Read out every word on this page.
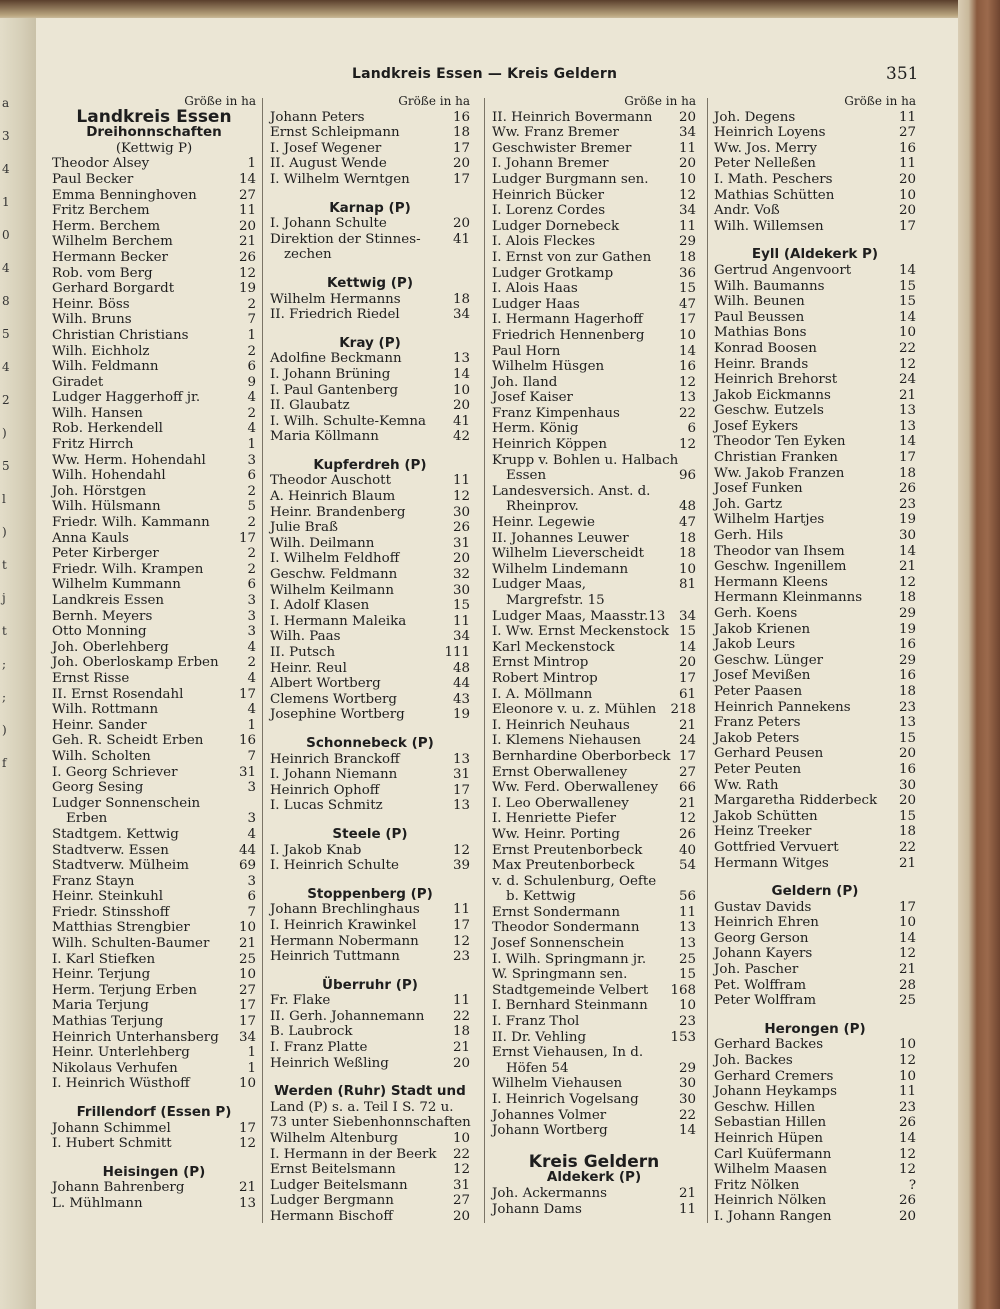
a
3
4
1
0
4
8
5
4
2
)
5
l
)
t
j
t
;
;
)
f
Landkreis Essen — Kreis Geldern	351
Größe in ha
Landkreis Essen
Dreihonnschaften
(Kettwig P)
Theodor Alsey	1
Paul Becker	14
Emma Benninghoven	27
Fritz Berchem	11
Herm. Berchem	20
Wilhelm Berchem	21
Hermann Becker	26
Rob. vom Berg	12
Gerhard Borgardt	19
Heinr. Böss	2
Wilh. Bruns	7
Christian Christians	1
Wilh. Eichholz	2
Wilh. Feldmann	6
Giradet	9
Ludger Haggerhoff jr.	4
Wilh. Hansen	2
Rob. Herkendell	4
Fritz Hirrch	1
Ww. Herm. Hohendahl	3
Wilh. Hohendahl	6
Joh. Hörstgen	2
Wilh. Hülsmann	5
Friedr. Wilh. Kammann	2
Anna Kauls	17
Peter Kirberger	2
Friedr. Wilh. Krampen	2
Wilhelm Kummann	6
Landkreis Essen	3
Bernh. Meyers	3
Otto Monning	3
Joh. Oberlehberg	4
Joh. Oberloskamp Erben	2
Ernst Risse	4
II. Ernst Rosendahl	17
Wilh. Rottmann	4
Heinr. Sander	1
Geh. R. Scheidt Erben	16
Wilh. Scholten	7
I. Georg Schriever	31
Georg Sesing	3
Ludger Sonnenschein
Erben	3
Stadtgem. Kettwig	4
Stadtverw. Essen	44
Stadtverw. Mülheim	69
Franz Stayn	3
Heinr. Steinkuhl	6
Friedr. Stinsshoff	7
Matthias Strengbier	10
Wilh. Schulten-Baumer	21
I. Karl Stiefken	25
Heinr. Terjung	10
Herm. Terjung Erben	27
Maria Terjung	17
Mathias Terjung	17
Heinrich Unterhansberg	34
Heinr. Unterlehberg	1
Nikolaus Verhufen	1
I. Heinrich Wüsthoff	10
Frillendorf (Essen P)
Johann Schimmel	17
I. Hubert Schmitt	12
Heisingen (P)
Johann Bahrenberg	21
L. Mühlmann	13
Größe in ha
Johann Peters	16
Ernst Schleipmann	18
I. Josef Wegener	17
II. August Wende	20
I. Wilhelm Werntgen	17
Karnap (P)
I. Johann Schulte	20
Direktion der Stinnes-	41
zechen
Kettwig (P)
Wilhelm Hermanns	18
II. Friedrich Riedel	34
Kray (P)
Adolfine Beckmann	13
I. Johann Brüning	14
I. Paul Gantenberg	10
II. Glaubatz	20
I. Wilh. Schulte-Kemna	41
Maria Köllmann	42
Kupferdreh (P)
Theodor Auschott	11
A. Heinrich Blaum	12
Heinr. Brandenberg	30
Julie Braß	26
Wilh. Deilmann	31
I. Wilhelm Feldhoff	20
Geschw. Feldmann	32
Wilhelm Keilmann	30
I. Adolf Klasen	15
I. Hermann Maleika	11
Wilh. Paas	34
II. Putsch	111
Heinr. Reul	48
Albert Wortberg	44
Clemens Wortberg	43
Josephine Wortberg	19
Schonnebeck (P)
Heinrich Branckoff	13
I. Johann Niemann	31
Heinrich Ophoff	17
I. Lucas Schmitz	13
Steele (P)
I. Jakob Knab	12
I. Heinrich Schulte	39
Stoppenberg (P)
Johann Brechlinghaus	11
I. Heinrich Krawinkel	17
Hermann Nobermann	12
Heinrich Tuttmann	23
Überruhr (P)
Fr. Flake	11
II. Gerh. Johannemann	22
B. Laubrock	18
I. Franz Platte	21
Heinrich Weßling	20
Werden (Ruhr) Stadt und
Land (P) s. a. Teil I S. 72 u.
73 unter Siebenhonnschaften
Wilhelm Altenburg	10
I. Hermann in der Beerk	22
Ernst Beitelsmann	12
Ludger Beitelsmann	31
Ludger Bergmann	27
Hermann Bischoff	20
Größe in ha
II. Heinrich Bovermann	20
Ww. Franz Bremer	34
Geschwister Bremer	11
I. Johann Bremer	20
Ludger Burgmann sen.	10
Heinrich Bücker	12
I. Lorenz Cordes	34
Ludger Dornebeck	11
I. Alois Fleckes	29
I. Ernst von zur Gathen	18
Ludger Grotkamp	36
I. Alois Haas	15
Ludger Haas	47
I. Hermann Hagerhoff	17
Friedrich Hennenberg	10
Paul Horn	14
Wilhelm Hüsgen	16
Joh. Iland	12
Josef Kaiser	13
Franz Kimpenhaus	22
Herm. König	6
Heinrich Köppen	12
Krupp v. Bohlen u. Halbach
Essen	96
Landesversich. Anst. d.
Rheinprov.	48
Heinr. Legewie	47
II. Johannes Leuwer	18
Wilhelm Lieverscheidt	18
Wilhelm Lindemann	10
Ludger Maas,	81
Margrefstr. 15
Ludger Maas, Maasstr.13	34
I. Ww. Ernst Meckenstock 15
Karl Meckenstock	14
Ernst Mintrop	20
Robert Mintrop	17
I. A. Möllmann	61
Eleonore v. u. z. Mühlen	218
I. Heinrich Neuhaus	21
I. Klemens Niehausen	24
Bernhardine Oberborbeck 17
Ernst Oberwalleney	27
Ww. Ferd. Oberwalleney	66
I. Leo Oberwalleney	21
I. Henriette Piefer	12
Ww. Heinr. Porting	26
Ernst Preutenborbeck	40
Max Preutenborbeck	54
v. d. Schulenburg, Oefte
b. Kettwig	56
Ernst Sondermann	11
Theodor Sondermann	13
Josef Sonnenschein	13
I. Wilh. Springmann jr.	25
W. Springmann sen.	15
Stadtgemeinde Velbert	168
I. Bernhard Steinmann	10
I. Franz Thol	23
II. Dr. Vehling	153
Ernst Viehausen, In d.
Höfen 54	29
Wilhelm Viehausen	30
I. Heinrich Vogelsang	30
Johannes Volmer	22
Johann Wortberg	14
Kreis Geldern
Aldekerk (P)
Joh. Ackermanns	21
Johann Dams	11
Größe in ha
Joh. Degens	11
Heinrich Loyens	27
Ww. Jos. Merry	16
Peter Nelleßen	11
I. Math. Peschers	20
Mathias Schütten	10
Andr. Voß	20
Wilh. Willemsen	17
Eyll (Aldekerk P)
Gertrud Angenvoort	14
Wilh. Baumanns	15
Wilh. Beunen	15
Paul Beussen	14
Mathias Bons	10
Konrad Boosen	22
Heinr. Brands	12
Heinrich Brehorst	24
Jakob Eickmanns	21
Geschw. Eutzels	13
Josef Eykers	13
Theodor Ten Eyken	14
Christian Franken	17
Ww. Jakob Franzen	18
Josef Funken	26
Joh. Gartz	23
Wilhelm Hartjes	19
Gerh. Hils	30
Theodor van Ihsem	14
Geschw. Ingenillem	21
Hermann Kleens	12
Hermann Kleinmanns	18
Gerh. Koens	29
Jakob Krienen	19
Jakob Leurs	16
Geschw. Lünger	29
Josef Mevißen	16
Peter Paasen	18
Heinrich Pannekens	23
Franz Peters	13
Jakob Peters	15
Gerhard Peusen	20
Peter Peuten	16
Ww. Rath	30
Margaretha Ridderbeck	20
Jakob Schütten	15
Heinz Treeker	18
Gottfried Vervuert	22
Hermann Witges	21
Geldern (P)
Gustav Davids	17
Heinrich Ehren	10
Georg Gerson	14
Johann Kayers	12
Joh. Pascher	21
Pet. Wolffram	28
Peter Wolffram	25
Herongen (P)
Gerhard Backes	10
Joh. Backes	12
Gerhard Cremers	10
Johann Heykamps	11
Geschw. Hillen	23
Sebastian Hillen	26
Heinrich Hüpen	14
Carl Kuüfermann	12
Wilhelm Maasen	12
Fritz Nölken	?
Heinrich Nölken	26
I. Johann Rangen	20
